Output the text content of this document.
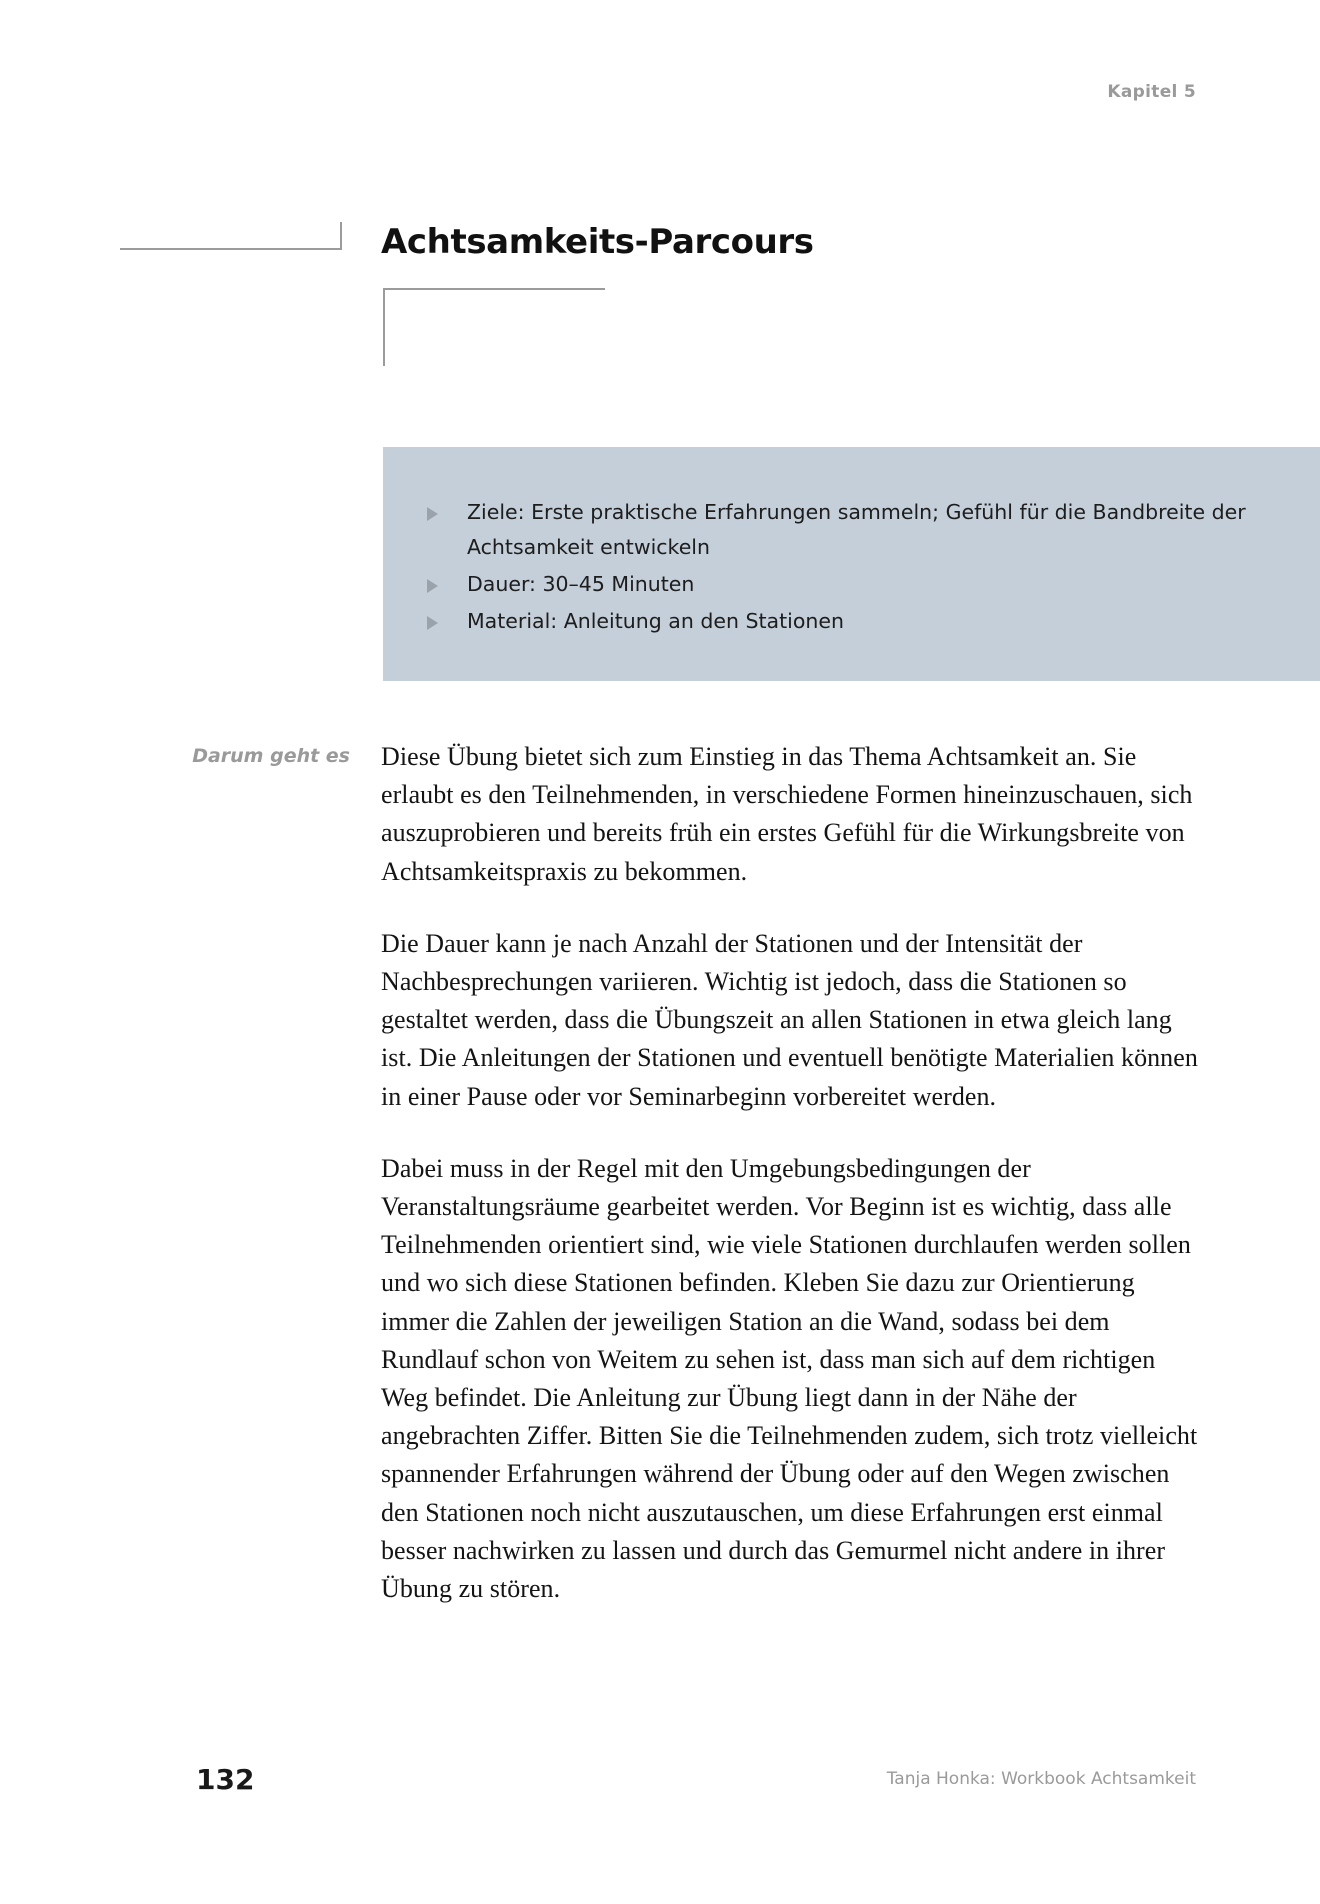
Kapitel 5
Achtsamkeits-Parcours
Ziele: Erste praktische Erfahrungen sammeln; Gefühl für die Bandbreite der Achtsamkeit entwickeln
Dauer: 30–45 Minuten
Material: Anleitung an den Stationen
Darum geht es Diese Übung bietet sich zum Einstieg in das Thema Achtsamkeit an. Sie erlaubt es den Teilnehmenden, in verschiedene Formen hineinzuschauen, sich auszuprobieren und bereits früh ein erstes Gefühl für die Wirkungsbreite von Achtsamkeitspraxis zu bekommen.

Die Dauer kann je nach Anzahl der Stationen und der Intensität der Nachbesprechungen variieren. Wichtig ist jedoch, dass die Stationen so gestaltet werden, dass die Übungszeit an allen Stationen in etwa gleich lang ist. Die Anleitungen der Stationen und eventuell benötigte Materialien können in einer Pause oder vor Seminarbeginn vorbereitet werden.

Dabei muss in der Regel mit den Umgebungsbedingungen der Veranstaltungsräume gearbeitet werden. Vor Beginn ist es wichtig, dass alle Teilnehmenden orientiert sind, wie viele Stationen durchlaufen werden sollen und wo sich diese Stationen befinden. Kleben Sie dazu zur Orientierung immer die Zahlen der jeweiligen Station an die Wand, sodass bei dem Rundlauf schon von Weitem zu sehen ist, dass man sich auf dem richtigen Weg befindet. Die Anleitung zur Übung liegt dann in der Nähe der angebrachten Ziffer. Bitten Sie die Teilnehmenden zudem, sich trotz vielleicht spannender Erfahrungen während der Übung oder auf den Wegen zwischen den Stationen noch nicht auszutauschen, um diese Erfahrungen erst einmal besser nachwirken zu lassen und durch das Gemurmel nicht andere in ihrer Übung zu stören.

132	Tanja Honka: Workbook Achtsamkeit
